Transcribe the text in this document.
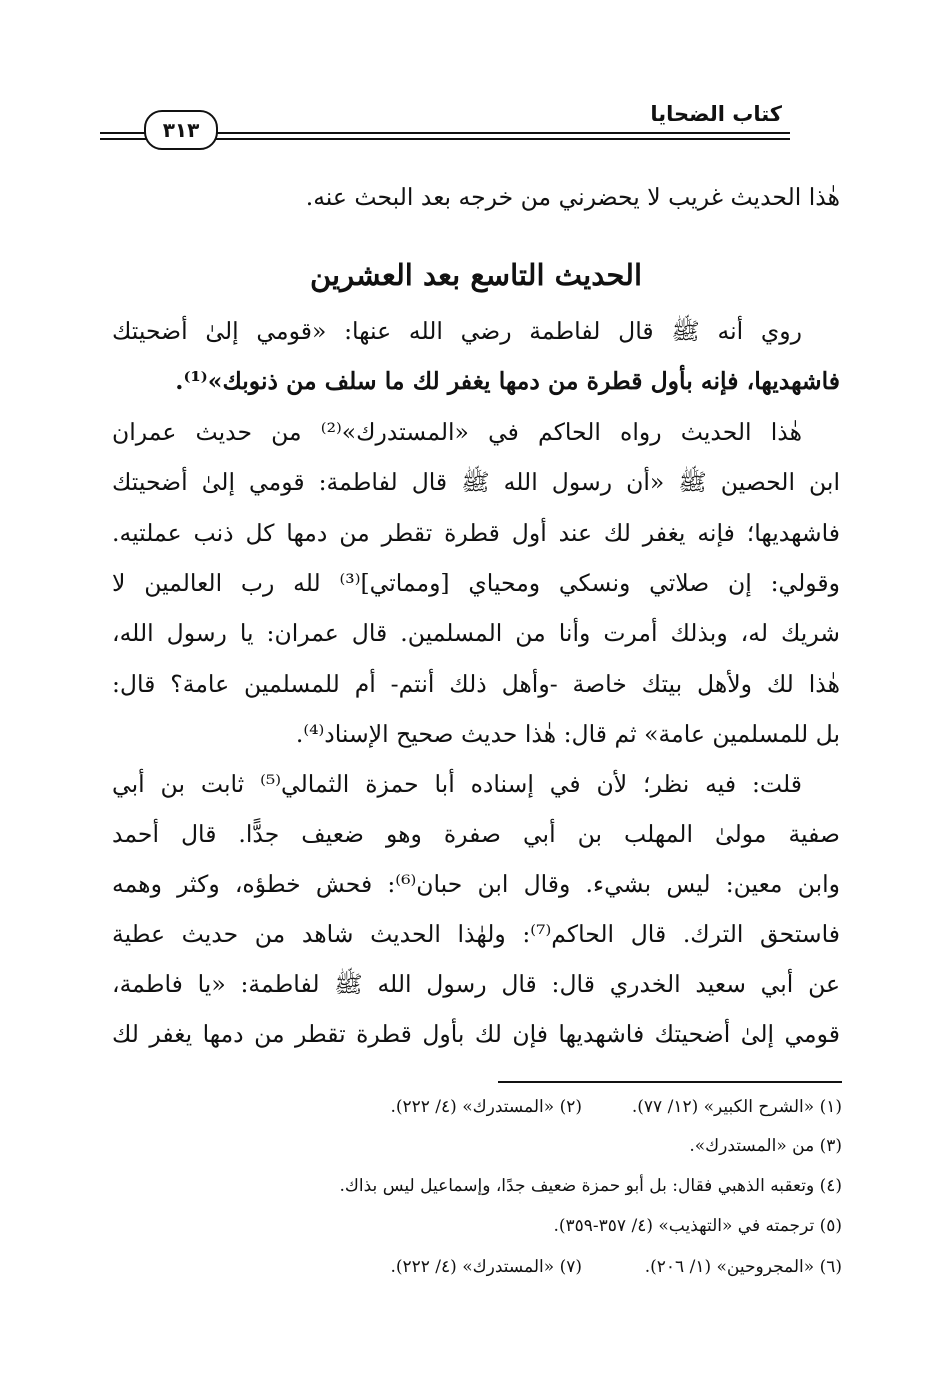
٣١٣
كتاب الضحايا
هٰذا الحديث غريب لا يحضرني من خرجه بعد البحث عنه.
الحديث التاسع بعد العشرين
روي أنه ﷺ قال لفاطمة رضي الله عنها: «قومي إلىٰ أضحيتك
فاشهديها، فإنه بأول قطرة من دمها يغفر لك ما سلف من ذنوبك»⁽¹⁾.
هٰذا الحديث رواه الحاكم في «المستدرك»⁽²⁾ من حديث عمران
ابن الحصين ﷺ «أن رسول الله ﷺ قال لفاطمة: قومي إلىٰ أضحيتك
فاشهديها؛ فإنه يغفر لك عند أول قطرة تقطر من دمها كل ذنب عملتيه.
وقولي: إن صلاتي ونسكي ومحياي [ومماتي]⁽³⁾ لله رب العالمين لا
شريك له، وبذلك أمرت وأنا من المسلمين. قال عمران: يا رسول الله،
هٰذا لك ولأهل بيتك خاصة -وأهل ذلك أنتم- أم للمسلمين عامة؟ قال:
بل للمسلمين عامة» ثم قال: هٰذا حديث صحيح الإسناد⁽⁴⁾.
قلت: فيه نظر؛ لأن في إسناده أبا حمزة الثمالي⁽⁵⁾ ثابت بن أبي
صفية مولىٰ المهلب بن أبي صفرة وهو ضعيف جدًّا. قال أحمد
وابن معين: ليس بشيء. وقال ابن حبان⁽⁶⁾: فحش خطؤه، وكثر وهمه
فاستحق الترك. قال الحاكم⁽⁷⁾: ولهٰذا الحديث شاهد من حديث عطية
عن أبي سعيد الخدري قال: قال رسول الله ﷺ لفاطمة: «يا فاطمة،
قومي إلىٰ أضحيتك فاشهديها فإن لك بأول قطرة تقطر من دمها يغفر لك
(١) «الشرح الكبير» (١٢/ ٧٧).(٢) «المستدرك» (٤/ ٢٢٢).
(٣) من «المستدرك».
(٤) وتعقبه الذهبي فقال: بل أبو حمزة ضعيف جدًا، وإسماعيل ليس بذاك.
(٥) ترجمته في «التهذيب» (٤/ ٣٥٧-٣٥٩).
(٦) «المجروحين» (١/ ٢٠٦).(٧) «المستدرك» (٤/ ٢٢٢).
